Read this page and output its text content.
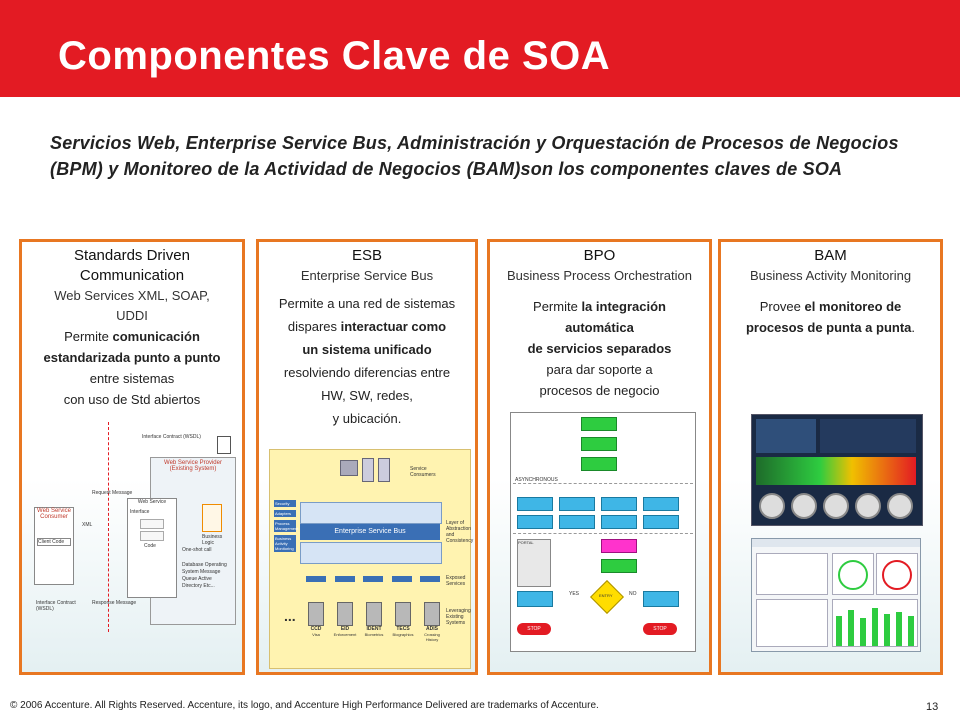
Componentes Clave de SOA
Servicios Web, Enterprise Service Bus, Administración y Orquestación de Procesos de Negocios (BPM) y Monitoreo de la Actividad de Negocios (BAM)son los componentes claves de SOA
Standards Driven
Communication
Web Services XML, SOAP,
UDDI
Permite comunicación
estandarizada punto a punto
entre sistemas
con uso de Std abiertos
Interface Contract (WSDL)
Web Service Provider
(Existing System)
Request Message
Web Service
Interface
Code
Business Logic
One-shot call
Database Operating System Message Queue Active Directory Etc...
Web Service
Consumer
Client Code
XML
Response Message
Interface Contract (WSDL)
ESB
Enterprise Service Bus
Permite a una red de sistemas
dispares interactuar como
un sistema unificado
resolviendo diferencias entre
HW, SW, redes,
y ubicación.
Service Consumers
Enterprise Service Bus
Layer of Abstraction and Consistency
Security
Adapters
Process Management
Business Activity Monitoring
Exposed Services
...
CCD
Visa
EID
Enforcement
IDENT
Biometrics
TECS
Biographics
ADIS
Crossing History
Leveraging Existing Systems
BPO
Business Process Orchestration
Permite la integración
automática
de servicios separados
para dar soporte a
procesos de negocio
ASYNCHRONOUS
PORTAL
YES	ENTRY	NO
STOP	STOP
BAM
Business Activity Monitoring
Provee el monitoreo de
procesos de punta a punta.
© 2006 Accenture. All Rights Reserved. Accenture, its logo, and Accenture High Performance Delivered are trademarks of Accenture.	13
